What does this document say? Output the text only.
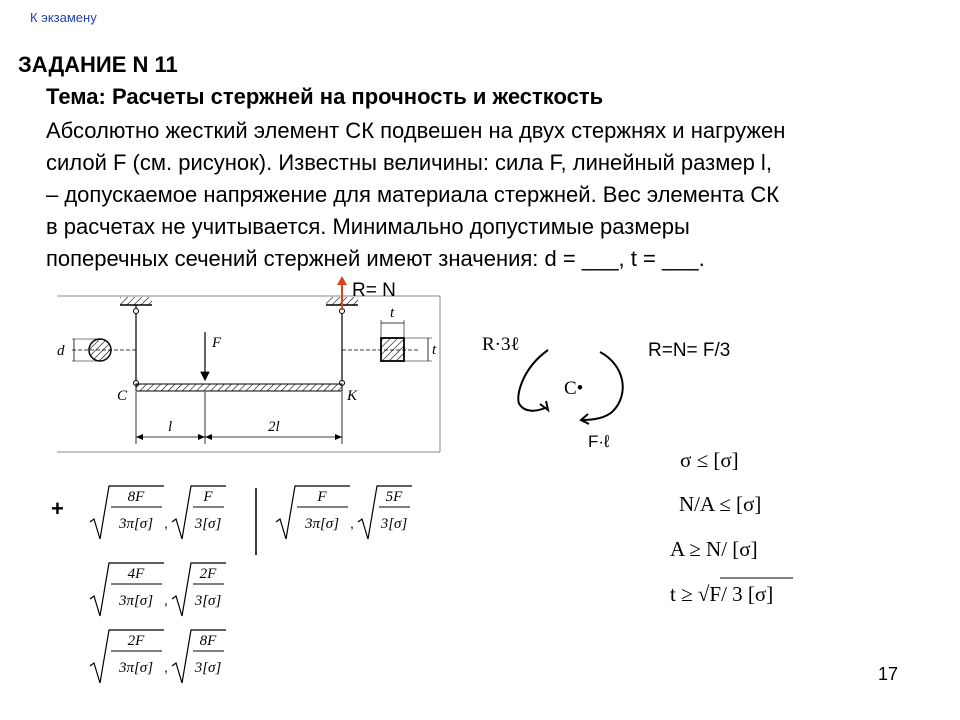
К экзамену
ЗАДАНИЕ N 11
Тема: Расчеты стержней на прочность и жесткость
Абсолютно жесткий элемент СК подвешен на двух стержнях и нагружен
силой F (см. рисунок). Известны величины: сила F, линейный размер l,
– допускаемое напряжение для материала стержней. Вес элемента СК
в расчетах не учитывается. Минимально допустимые размеры
поперечных сечений стержней имеют значения: d = ___, t = ___.
d	F
C	K
l	2l
t
t
R= N
R·3ℓ
C•
F·ℓ
R=N= F/3
+	8F
3π[σ] ,
F
3[σ]
F
3π[σ] ,
5F
3[σ]
4F
3π[σ] ,
2F
3[σ]
2F
3π[σ] ,
8F
3[σ]
σ ≤ [σ]
N/A ≤ [σ]
A ≥ N/ [σ]
t ≥ √F/ 3 [σ]
17
